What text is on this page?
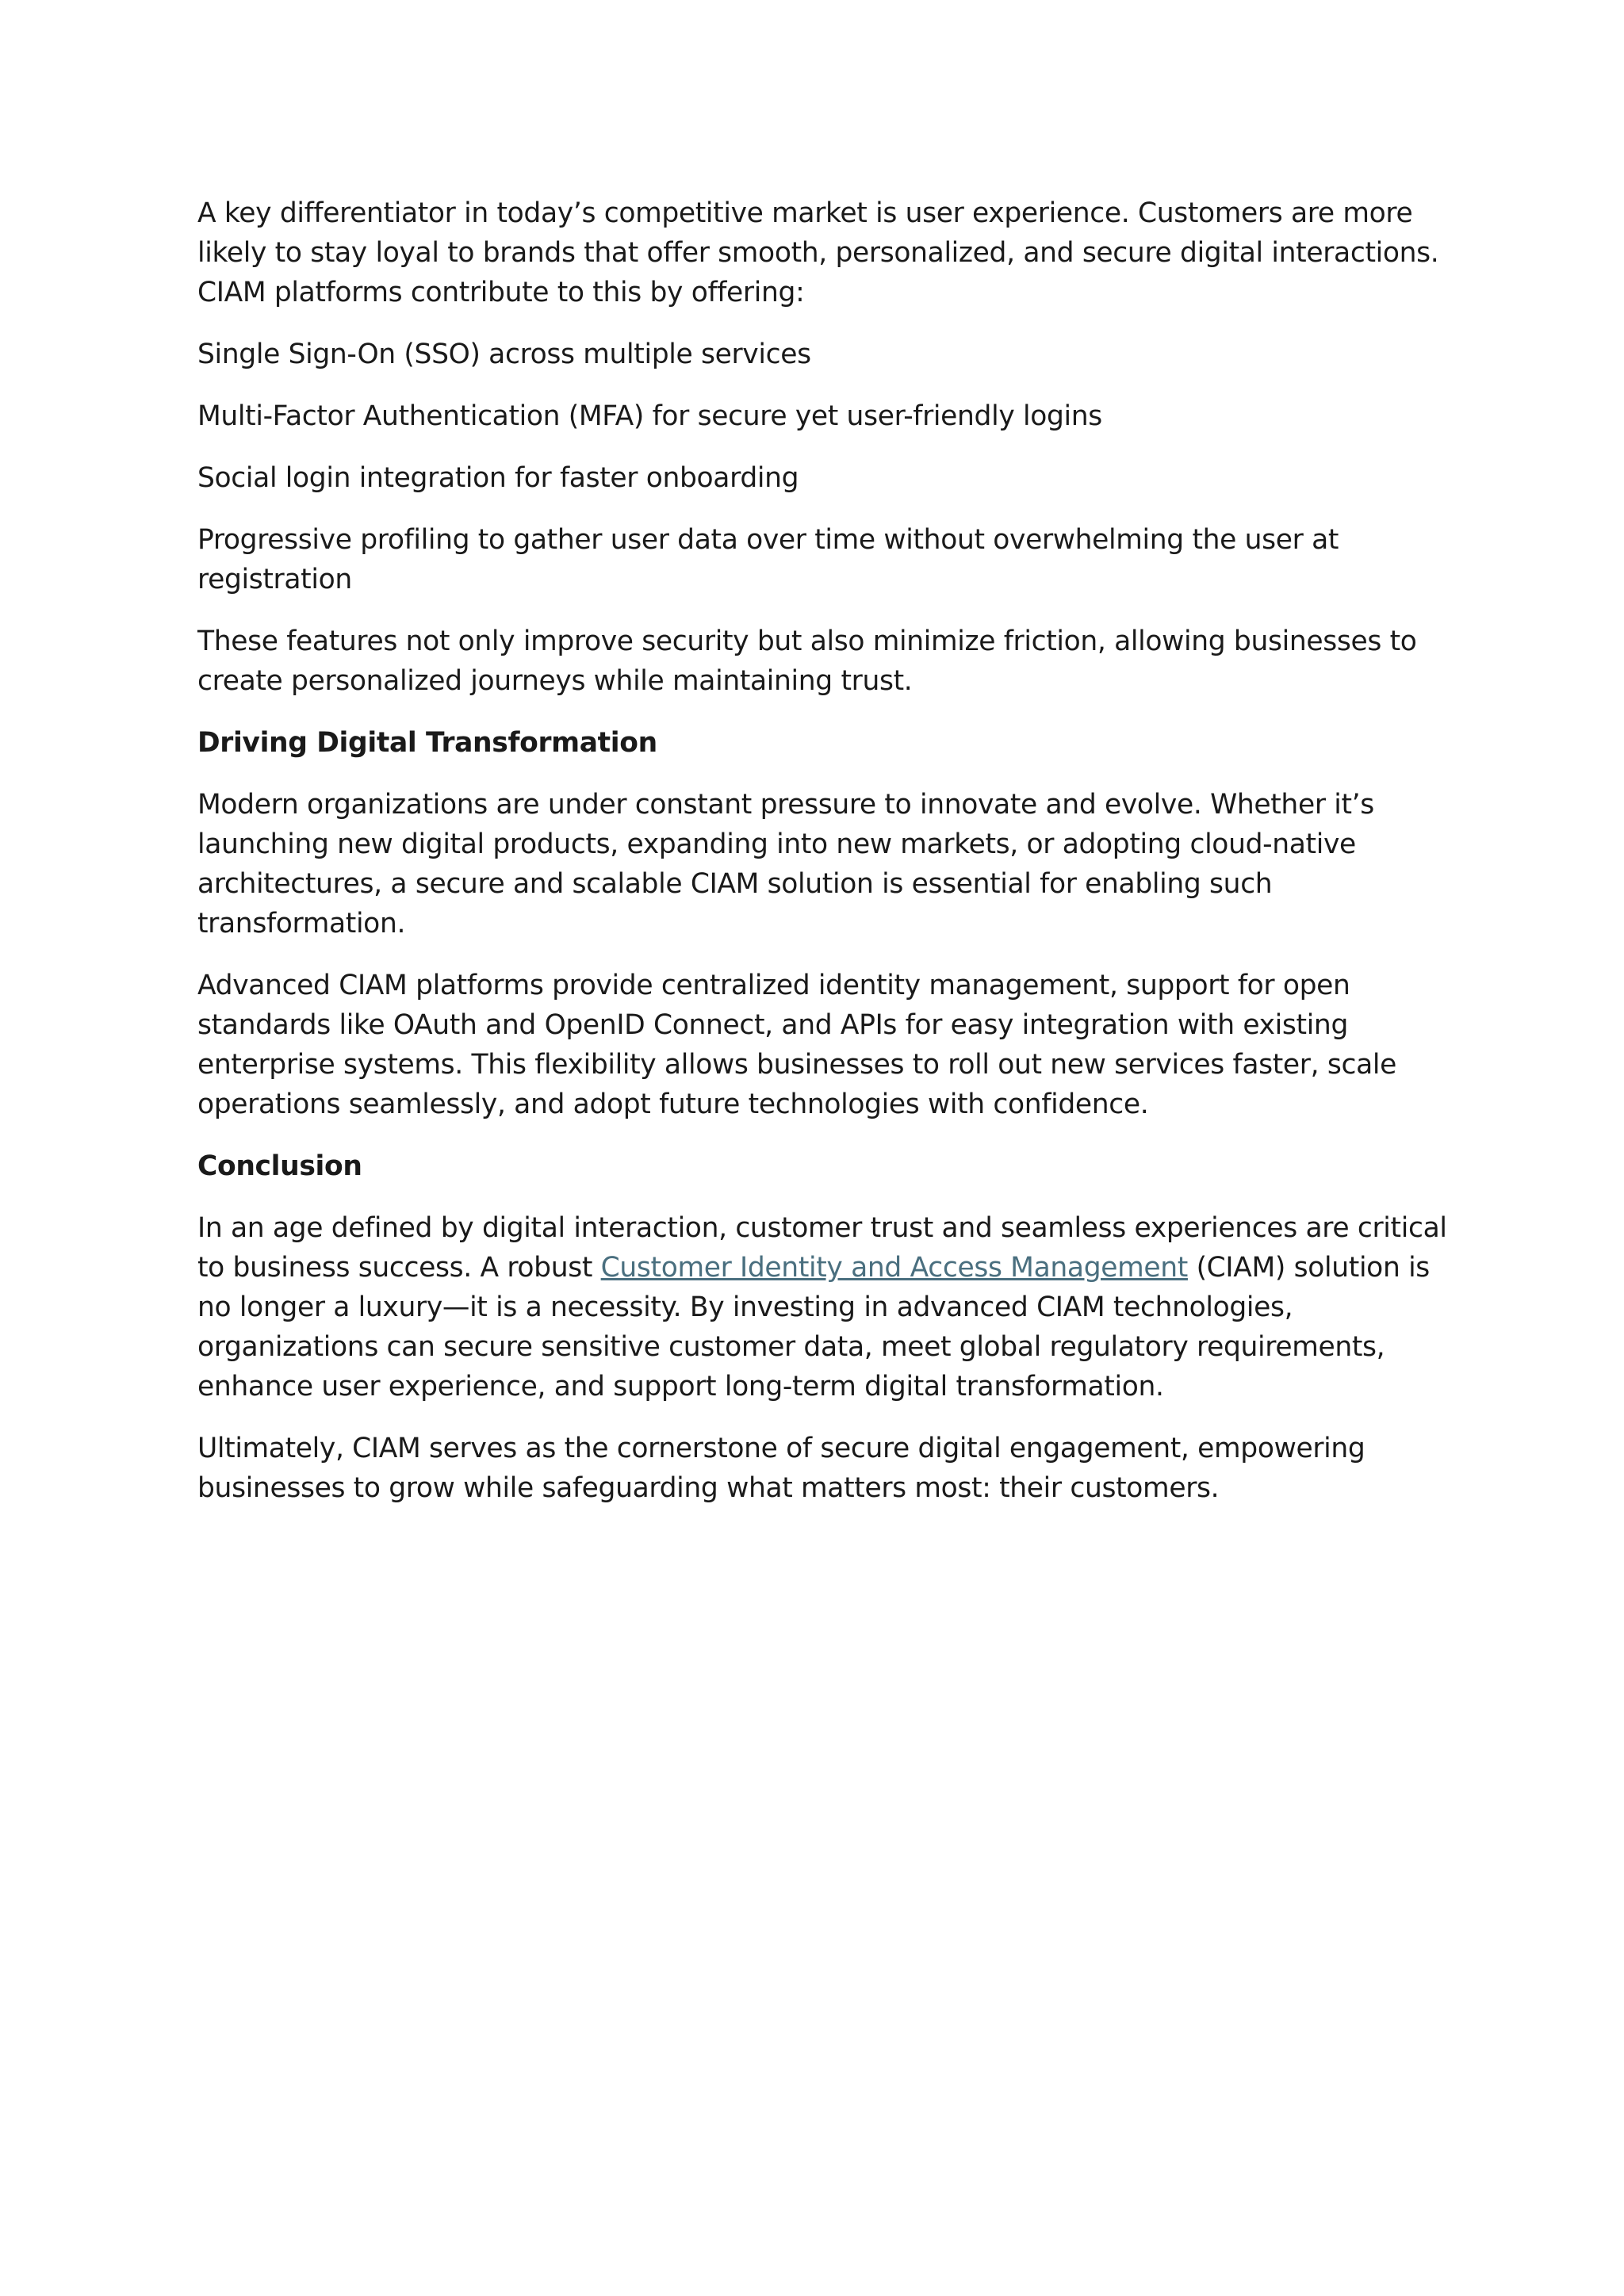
A key differentiator in today’s competitive market is user experience. Customers are more likely to stay loyal to brands that offer smooth, personalized, and secure digital interactions. CIAM platforms contribute to this by offering:

Single Sign-On (SSO) across multiple services

Multi-Factor Authentication (MFA) for secure yet user-friendly logins

Social login integration for faster onboarding

Progressive profiling to gather user data over time without overwhelming the user at registration

These features not only improve security but also minimize friction, allowing businesses to create personalized journeys while maintaining trust.

Driving Digital Transformation

Modern organizations are under constant pressure to innovate and evolve. Whether it’s launching new digital products, expanding into new markets, or adopting cloud-native architectures, a secure and scalable CIAM solution is essential for enabling such transformation.

Advanced CIAM platforms provide centralized identity management, support for open standards like OAuth and OpenID Connect, and APIs for easy integration with existing enterprise systems. This flexibility allows businesses to roll out new services faster, scale operations seamlessly, and adopt future technologies with confidence.

Conclusion

In an age defined by digital interaction, customer trust and seamless experiences are critical to business success. A robust Customer Identity and Access Management (CIAM) solution is no longer a luxury—it is a necessity. By investing in advanced CIAM technologies, organizations can secure sensitive customer data, meet global regulatory requirements, enhance user experience, and support long-term digital transformation.

Ultimately, CIAM serves as the cornerstone of secure digital engagement, empowering businesses to grow while safeguarding what matters most: their customers.
